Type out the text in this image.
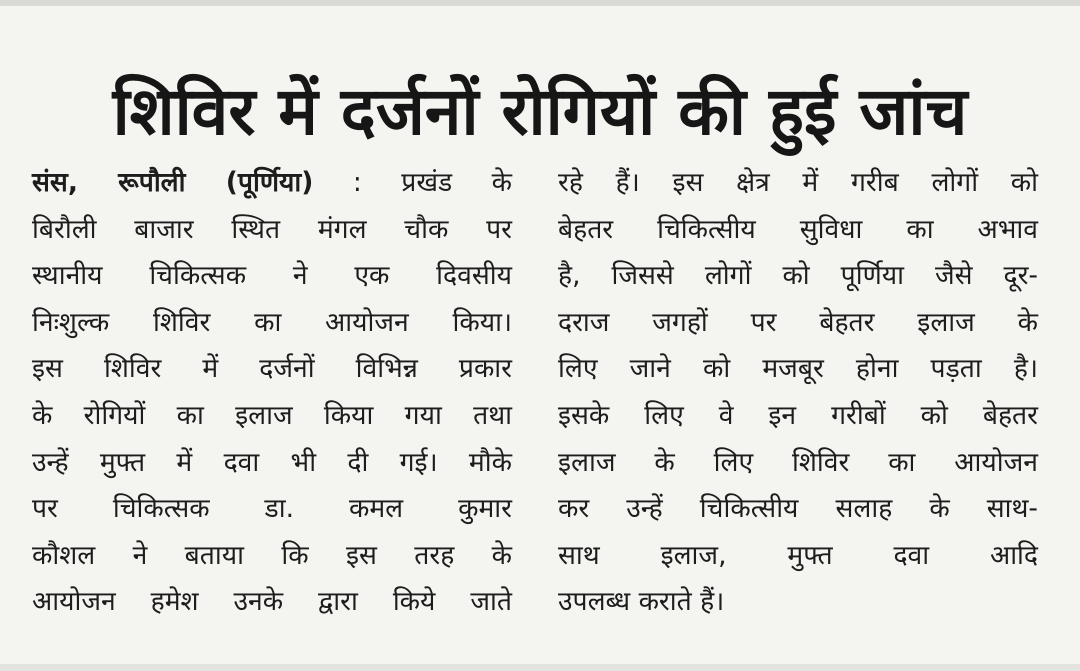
शिविर में दर्जनों रोगियों की हुई जांच
संस, रूपौली (पूर्णिया) : प्रखंड के
बिरौली बाजार स्थित मंगल चौक पर
स्थानीय चिकित्सक ने एक दिवसीय
निःशुल्क शिविर का आयोजन किया।
इस शिविर में दर्जनों विभिन्न प्रकार
के रोगियों का इलाज किया गया तथा
उन्हें मुफ्त में दवा भी दी गई। मौके
पर चिकित्सक डा. कमल कुमार
कौशल ने बताया कि इस तरह के
आयोजन हमेश उनके द्वारा किये जाते
रहे हैं। इस क्षेत्र में गरीब लोगों को
बेहतर चिकित्सीय सुविधा का अभाव
है, जिससे लोगों को पूर्णिया जैसे दूर-
दराज जगहों पर बेहतर इलाज के
लिए जाने को मजबूर होना पड़ता है।
इसके लिए वे इन गरीबों को बेहतर
इलाज के लिए शिविर का आयोजन
कर उन्हें चिकित्सीय सलाह के साथ-
साथ इलाज, मुफ्त दवा आदि
उपलब्ध कराते हैं।
